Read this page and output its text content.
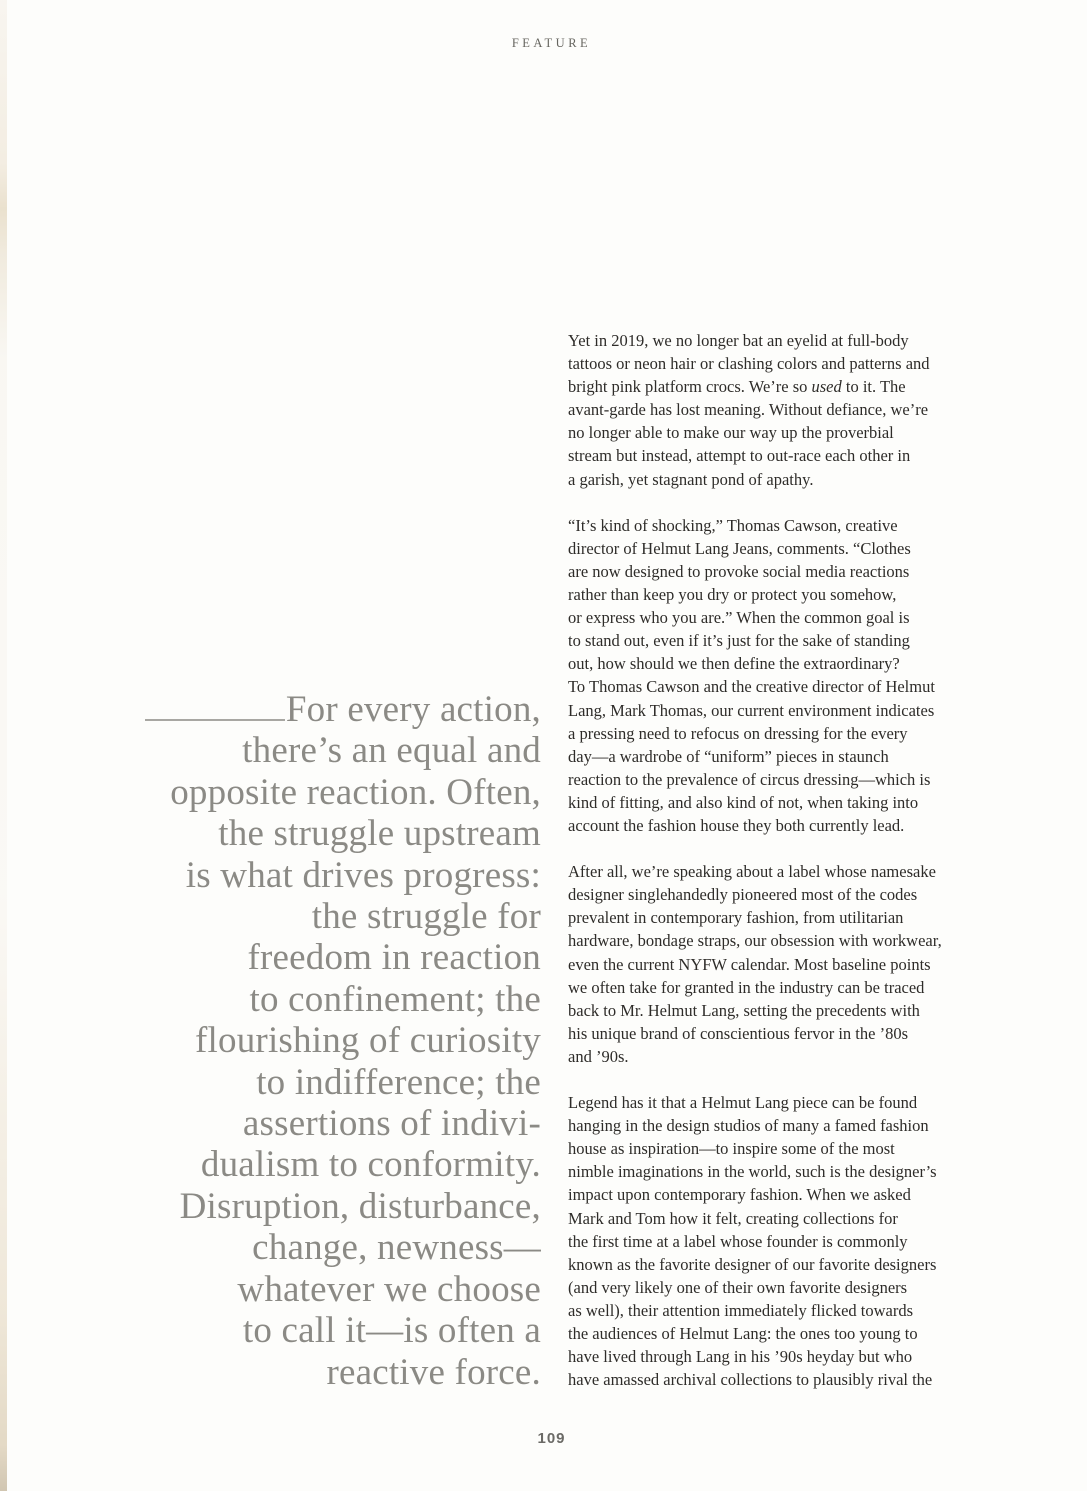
FEATURE
For every action,
there’s an equal and
opposite reaction. Often,
the struggle upstream
is what drives progress:
the struggle for
freedom in reaction
to confinement; the
flourishing of curiosity
to indifference; the
assertions of indivi-
dualism to conformity.
Disruption, disturbance,
change, newness—
whatever we choose
to call it—is often a
reactive force.

Yet in 2019, we no longer bat an eyelid at full-body
tattoos or neon hair or clashing colors and patterns and
bright pink platform crocs. We’re so used to it. The
avant-garde has lost meaning. Without defiance, we’re
no longer able to make our way up the proverbial
stream but instead, attempt to out-race each other in
a garish, yet stagnant pond of apathy.

“It’s kind of shocking,” Thomas Cawson, creative
director of Helmut Lang Jeans, comments. “Clothes
are now designed to provoke social media reactions
rather than keep you dry or protect you somehow,
or express who you are.” When the common goal is
to stand out, even if it’s just for the sake of standing
out, how should we then define the extraordinary?
To Thomas Cawson and the creative director of Helmut
Lang, Mark Thomas, our current environment indicates
a pressing need to refocus on dressing for the every
day—a wardrobe of “uniform” pieces in staunch
reaction to the prevalence of circus dressing—which is
kind of fitting, and also kind of not, when taking into
account the fashion house they both currently lead.

After all, we’re speaking about a label whose namesake
designer singlehandedly pioneered most of the codes
prevalent in contemporary fashion, from utilitarian
hardware, bondage straps, our obsession with workwear,
even the current NYFW calendar. Most baseline points
we often take for granted in the industry can be traced
back to Mr. Helmut Lang, setting the precedents with
his unique brand of conscientious fervor in the ’80s
and ’90s.

Legend has it that a Helmut Lang piece can be found
hanging in the design studios of many a famed fashion
house as inspiration—to inspire some of the most
nimble imaginations in the world, such is the designer’s
impact upon contemporary fashion. When we asked
Mark and Tom how it felt, creating collections for
the first time at a label whose founder is commonly
known as the favorite designer of our favorite designers
(and very likely one of their own favorite designers
as well), their attention immediately flicked towards
the audiences of Helmut Lang: the ones too young to
have lived through Lang in his ’90s heyday but who
have amassed archival collections to plausibly rival the

109
